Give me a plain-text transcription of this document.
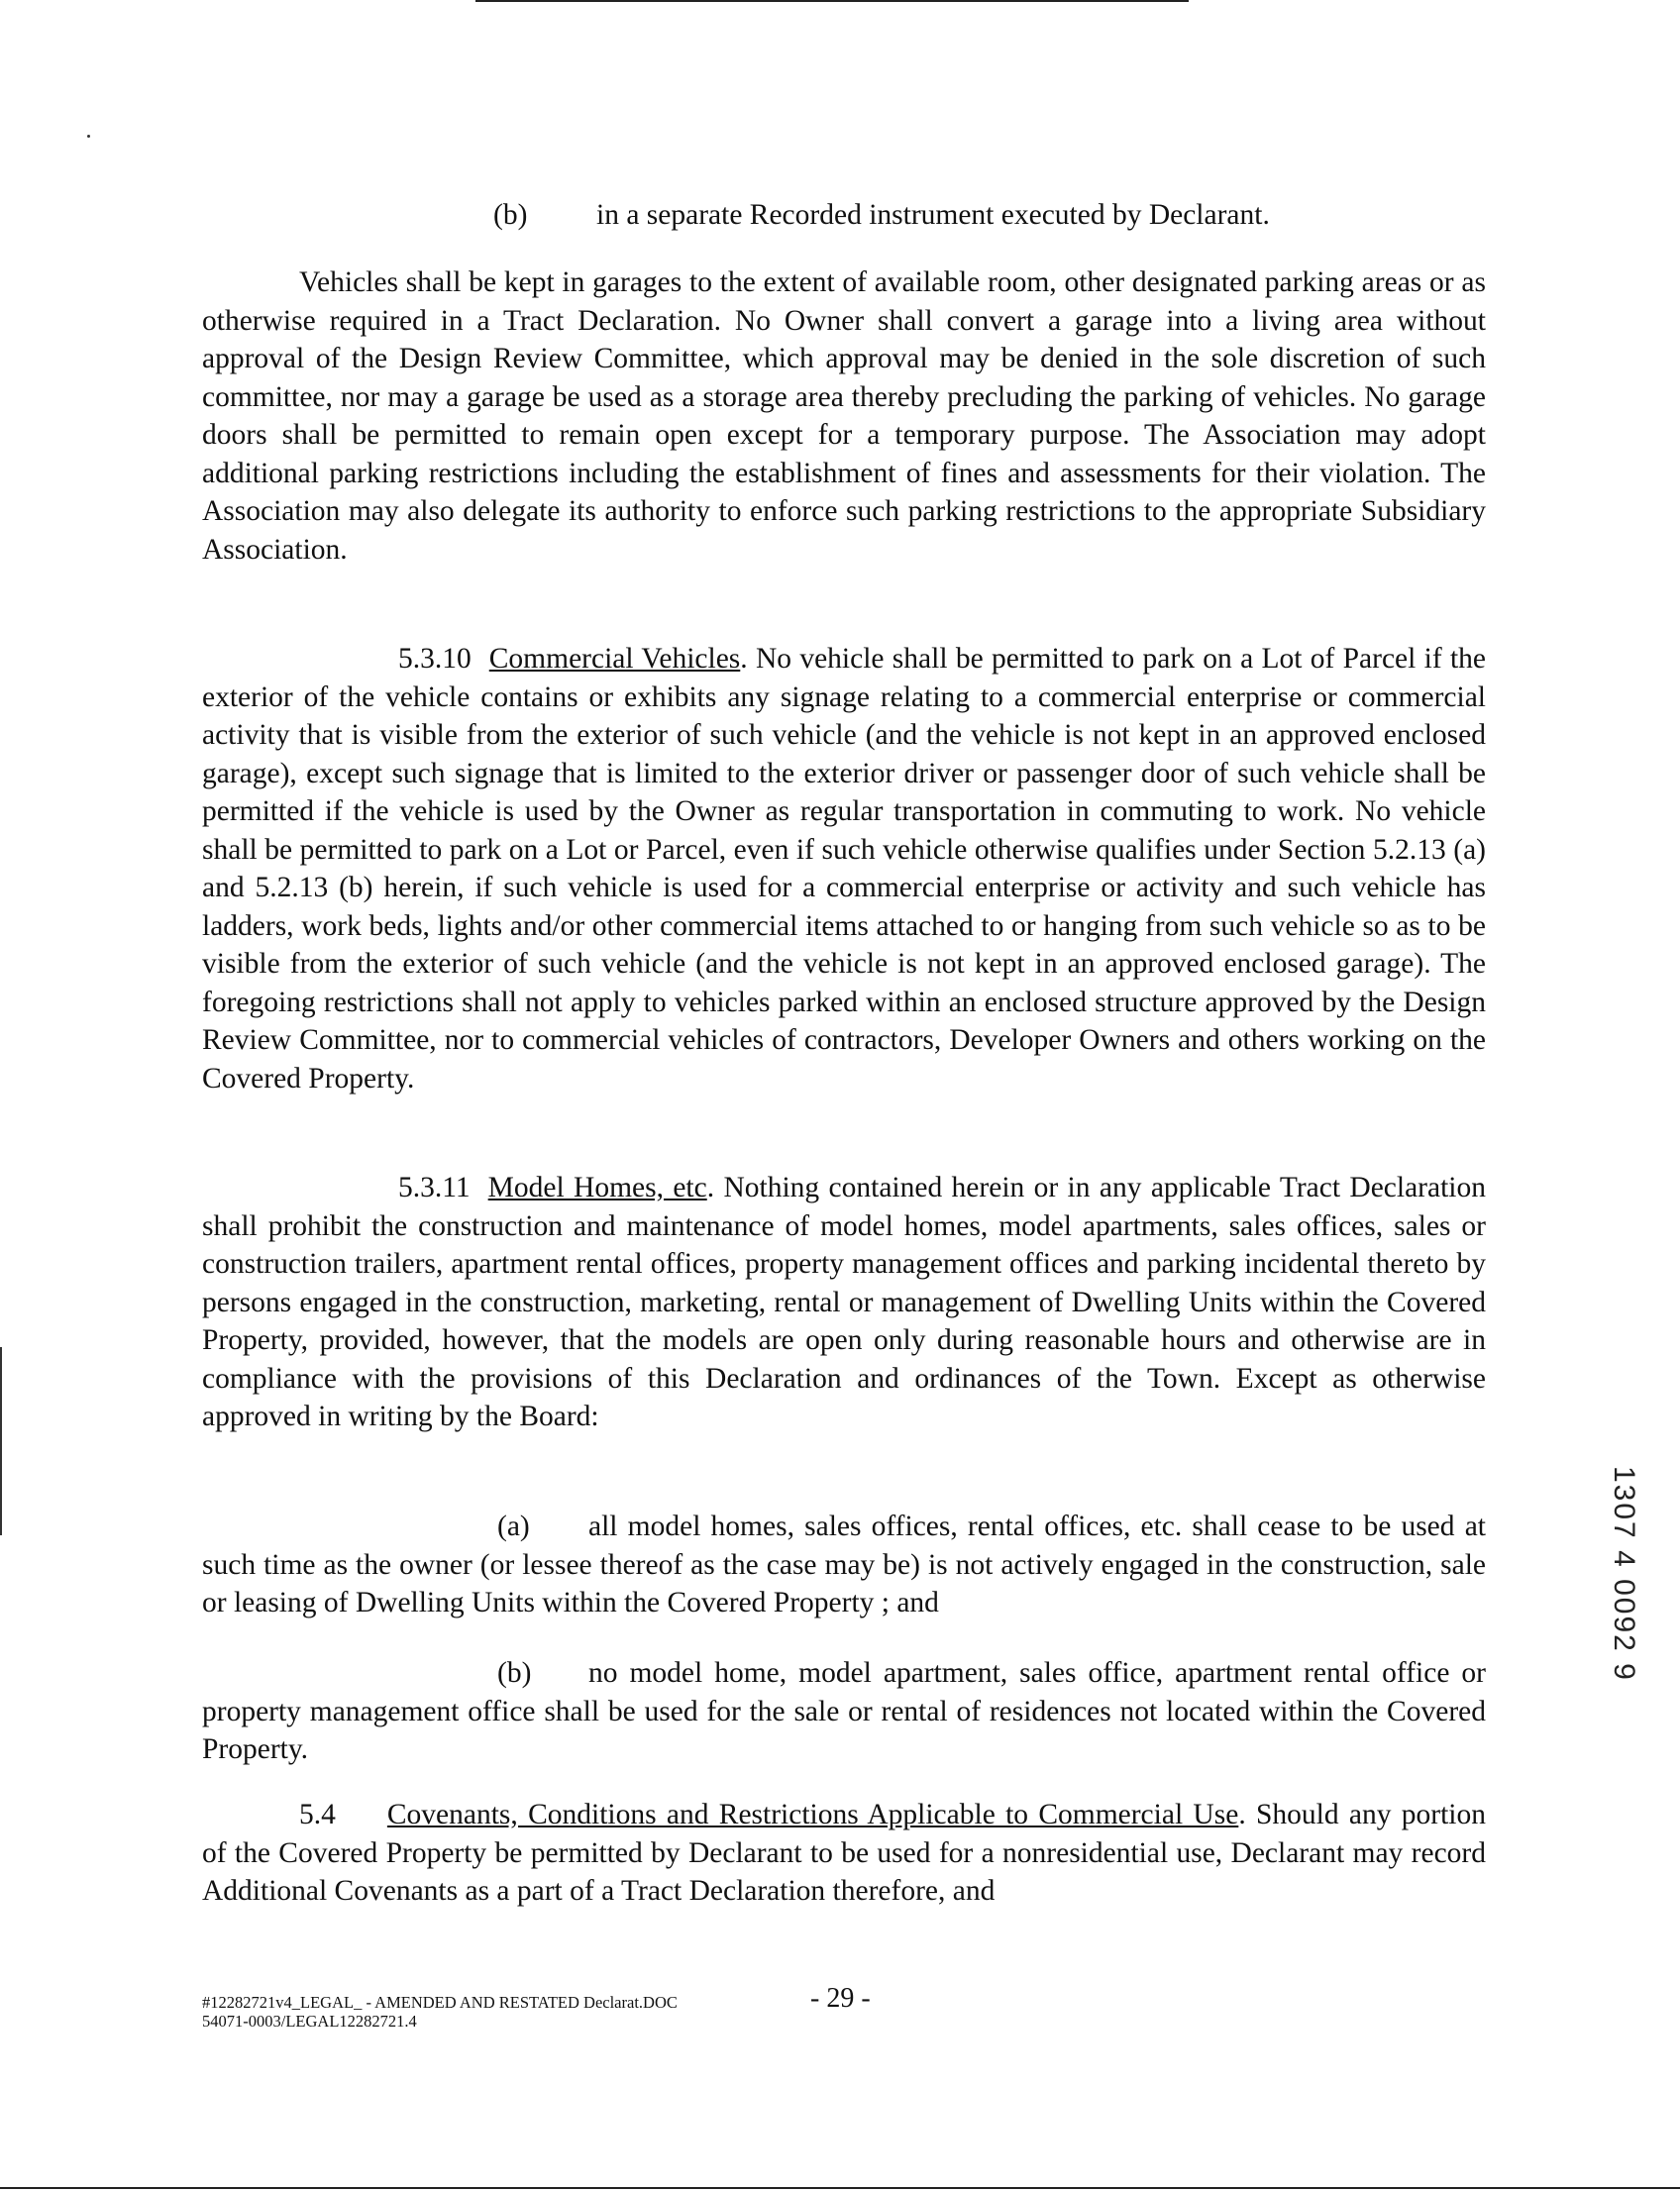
(b) in a separate Recorded instrument executed by Declarant.

Vehicles shall be kept in garages to the extent of available room, other designated parking areas or as otherwise required in a Tract Declaration. No Owner shall convert a garage into a living area without approval of the Design Review Committee, which approval may be denied in the sole discretion of such committee, nor may a garage be used as a storage area thereby precluding the parking of vehicles. No garage doors shall be permitted to remain open except for a temporary purpose. The Association may adopt additional parking restrictions including the establishment of fines and assessments for their violation. The Association may also delegate its authority to enforce such parking restrictions to the appropriate Subsidiary Association.

5.3.10 Commercial Vehicles. No vehicle shall be permitted to park on a Lot of Parcel if the exterior of the vehicle contains or exhibits any signage relating to a commercial enterprise or commercial activity that is visible from the exterior of such vehicle (and the vehicle is not kept in an approved enclosed garage), except such signage that is limited to the exterior driver or passenger door of such vehicle shall be permitted if the vehicle is used by the Owner as regular transportation in commuting to work. No vehicle shall be permitted to park on a Lot or Parcel, even if such vehicle otherwise qualifies under Section 5.2.13 (a) and 5.2.13 (b) herein, if such vehicle is used for a commercial enterprise or activity and such vehicle has ladders, work beds, lights and/or other commercial items attached to or hanging from such vehicle so as to be visible from the exterior of such vehicle (and the vehicle is not kept in an approved enclosed garage). The foregoing restrictions shall not apply to vehicles parked within an enclosed structure approved by the Design Review Committee, nor to commercial vehicles of contractors, Developer Owners and others working on the Covered Property.

5.3.11 Model Homes, etc. Nothing contained herein or in any applicable Tract Declaration shall prohibit the construction and maintenance of model homes, model apartments, sales offices, sales or construction trailers, apartment rental offices, property management offices and parking incidental thereto by persons engaged in the construction, marketing, rental or management of Dwelling Units within the Covered Property, provided, however, that the models are open only during reasonable hours and otherwise are in compliance with the provisions of this Declaration and ordinances of the Town. Except as otherwise approved in writing by the Board:

(a) all model homes, sales offices, rental offices, etc. shall cease to be used at such time as the owner (or lessee thereof as the case may be) is not actively engaged in the construction, sale or leasing of Dwelling Units within the Covered Property ; and

(b) no model home, model apartment, sales office, apartment rental office or property management office shall be used for the sale or rental of residences not located within the Covered Property.

5.4 Covenants, Conditions and Restrictions Applicable to Commercial Use. Should any portion of the Covered Property be permitted by Declarant to be used for a nonresidential use, Declarant may record Additional Covenants as a part of a Tract Declaration therefore, and

1307 4 0092 9
#12282721v4_LEGAL_ - AMENDED AND RESTATED Declarat.DOC
54071-0003/LEGAL12282721.4
- 29 -
